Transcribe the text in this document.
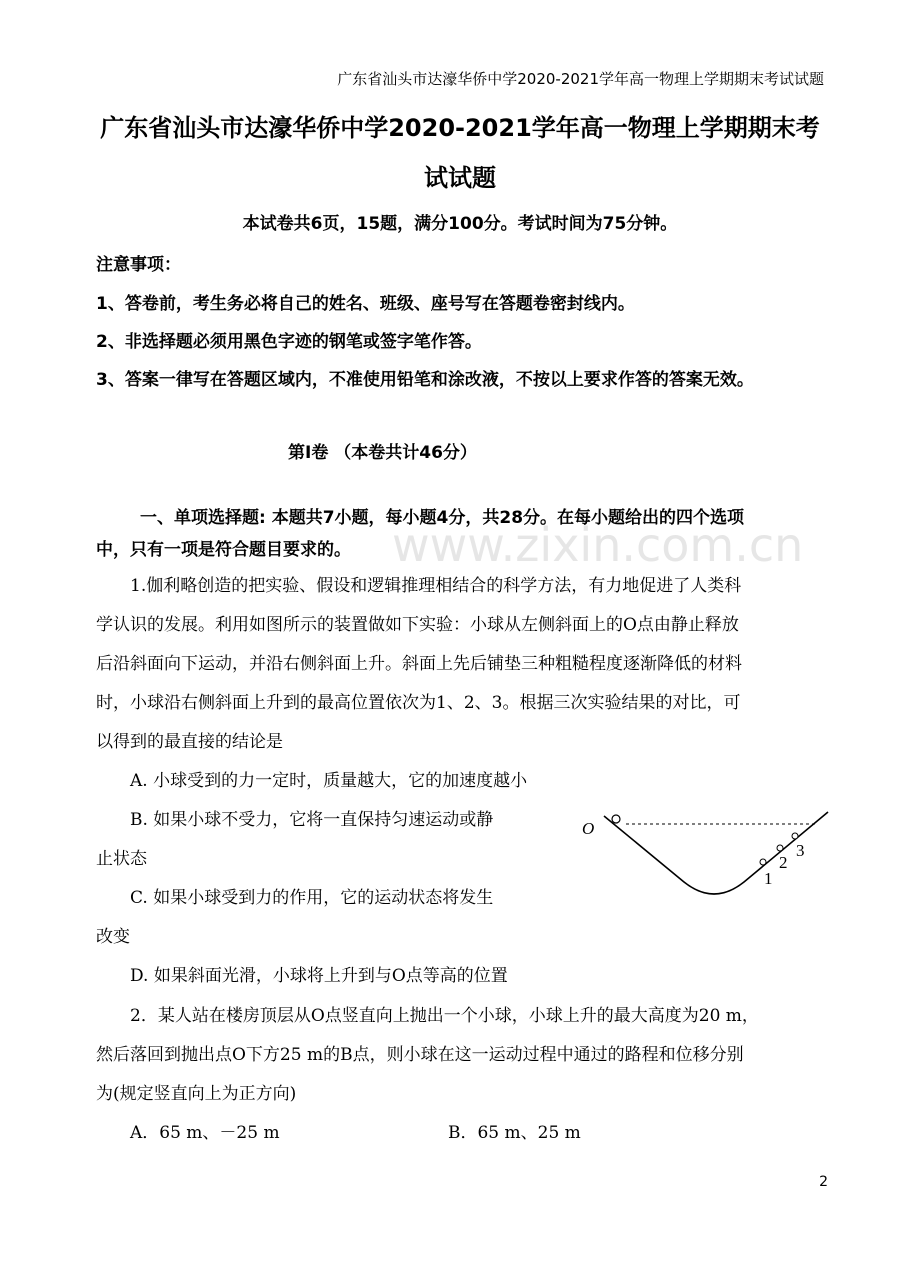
广东省汕头市达濠华侨中学2020-2021学年高一物理上学期期末考试试题
广东省汕头市达濠华侨中学2020-2021学年高一物理上学期期末考
试试题
本试卷共6页，15题，满分100分。考试时间为75分钟。
注意事项：
1、答卷前，考生务必将自己的姓名、班级、座号写在答题卷密封线内。
2、非选择题必须用黑色字迹的钢笔或签字笔作答。
3、答案一律写在答题区域内，不准使用铅笔和涂改液，不按以上要求作答的答案无效。
第Ⅰ卷 （本卷共计46分）
一、单项选择题: 本题共7小题，每小题4分，共28分。在每小题给出的四个选项
中，只有一项是符合题目要求的。 www.zixin.com.cn
1.伽利略创造的把实验、假设和逻辑推理相结合的科学方法，有力地促进了人类科
学认识的发展。利用如图所示的装置做如下实验：小球从左侧斜面上的O点由静止释放
后沿斜面向下运动，并沿右侧斜面上升。斜面上先后铺垫三种粗糙程度逐渐降低的材料
时，小球沿右侧斜面上升到的最高位置依次为1、2、3。根据三次实验结果的对比，可
以得到的最直接的结论是
A. 小球受到的力一定时，质量越大，它的加速度越小
B. 如果小球不受力，它将一直保持匀速运动或静
止状态
C. 如果小球受到力的作用，它的运动状态将发生
改变
D. 如果斜面光滑，小球将上升到与O点等高的位置
O
1
2
3
2．某人站在楼房顶层从O点竖直向上抛出一个小球，小球上升的最大高度为20 m，
然后落回到抛出点O下方25 m的B点，则小球在这一运动过程中通过的路程和位移分别
为(规定竖直向上为正方向)
A．65 m、－25 m	B．65 m、25 m
2
